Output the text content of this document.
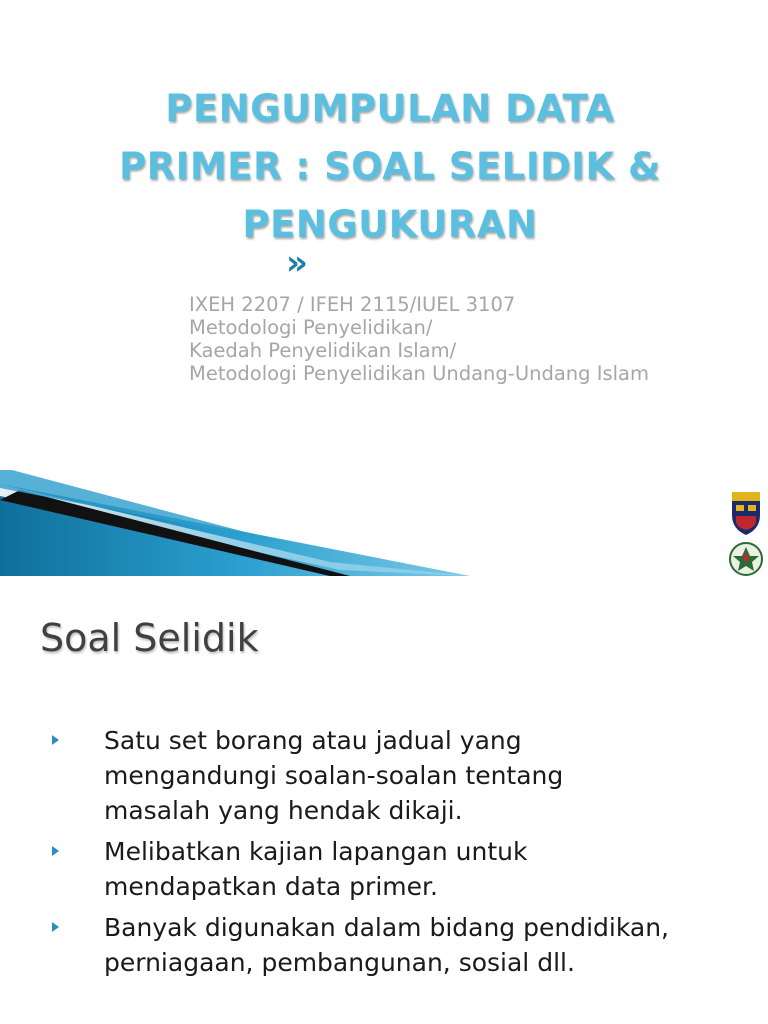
PENGUMPULAN DATA
PRIMER : SOAL SELIDIK &
PENGUKURAN
»
IXEH 2207 / IFEH 2115/IUEL 3107
Metodologi Penyelidikan/
Kaedah Penyelidikan Islam/
Metodologi Penyelidikan Undang-Undang Islam
Soal Selidik
Satu set borang atau jadual yang
mengandungi soalan-soalan tentang
masalah yang hendak dikaji.
Melibatkan kajian lapangan untuk
mendapatkan data primer.
Banyak digunakan dalam bidang pendidikan,
perniagaan, pembangunan, sosial dll.
